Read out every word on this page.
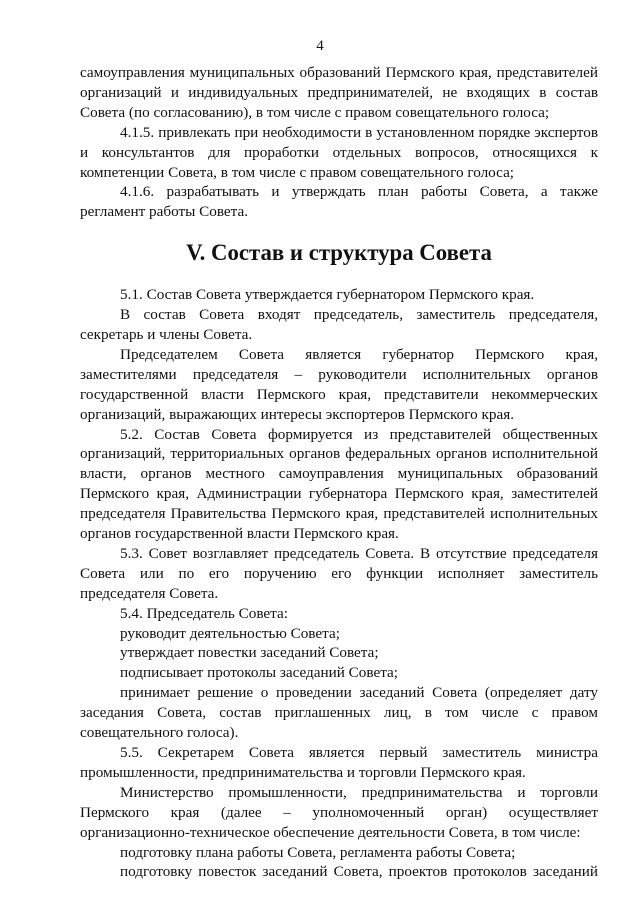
4

самоуправления муниципальных образований Пермского края, представителей организаций и индивидуальных предпринимателей, не входящих в состав Совета (по согласованию), в том числе с правом совещательного голоса;

4.1.5. привлекать при необходимости в установленном порядке экспертов и консультантов для проработки отдельных вопросов, относящихся к компетенции Совета, в том числе с правом совещательного голоса;

4.1.6. разрабатывать и утверждать план работы Совета, а также регламент работы Совета.

V. Состав и структура Совета

5.1. Состав Совета утверждается губернатором Пермского края.

В состав Совета входят председатель, заместитель председателя, секретарь и члены Совета.

Председателем Совета является губернатор Пермского края, заместителями председателя – руководители исполнительных органов государственной власти Пермского края, представители некоммерческих организаций, выражающих интересы экспортеров Пермского края.

5.2. Состав Совета формируется из представителей общественных организаций, территориальных органов федеральных органов исполнительной власти, органов местного самоуправления муниципальных образований Пермского края, Администрации губернатора Пермского края, заместителей председателя Правительства Пермского края, представителей исполнительных органов государственной власти Пермского края.

5.3. Совет возглавляет председатель Совета. В отсутствие председателя Совета или по его поручению его функции исполняет заместитель председателя Совета.

5.4. Председатель Совета:

руководит деятельностью Совета;

утверждает повестки заседаний Совета;

подписывает протоколы заседаний Совета;

принимает решение о проведении заседаний Совета (определяет дату заседания Совета, состав приглашенных лиц, в том числе с правом совещательного голоса).

5.5. Секретарем Совета является первый заместитель министра промышленности, предпринимательства и торговли Пермского края.

Министерство промышленности, предпринимательства и торговли Пермского края (далее – уполномоченный орган) осуществляет организационно-техническое обеспечение деятельности Совета, в том числе:

подготовку плана работы Совета, регламента работы Совета;

подготовку повесток заседаний Совета, проектов протоколов заседаний
